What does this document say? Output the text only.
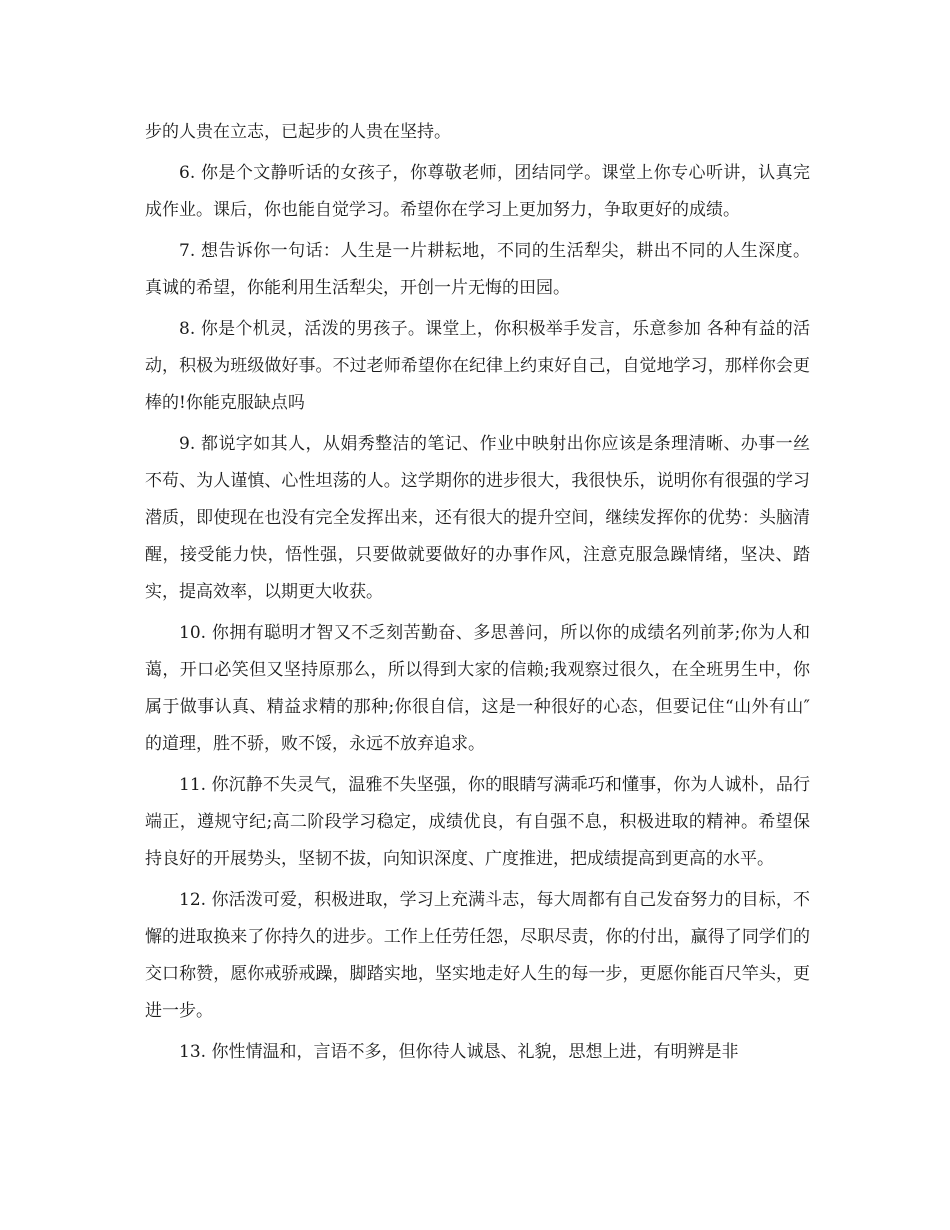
步的人贵在立志，已起步的人贵在坚持。

6. 你是个文静听话的女孩子，你尊敬老师，团结同学。课堂上你专心听讲，认真完成作业。课后，你也能自觉学习。希望你在学习上更加努力，争取更好的成绩。

7. 想告诉你一句话：人生是一片耕耘地，不同的生活犁尖，耕出不同的人生深度。真诚的希望，你能利用生活犁尖，开创一片无悔的田园。

8. 你是个机灵，活泼的男孩子。课堂上，你积极举手发言，乐意参加 各种有益的活动，积极为班级做好事。不过老师希望你在纪律上约束好自己，自觉地学习，那样你会更棒的!你能克服缺点吗

9. 都说字如其人，从娟秀整洁的笔记、作业中映射出你应该是条理清晰、办事一丝不苟、为人谨慎、心性坦荡的人。这学期你的进步很大，我很快乐，说明你有很强的学习潜质，即使现在也没有完全发挥出来，还有很大的提升空间，继续发挥你的优势：头脑清醒，接受能力快，悟性强，只要做就要做好的办事作风，注意克服急躁情绪，坚决、踏实，提高效率，以期更大收获。

10. 你拥有聪明才智又不乏刻苦勤奋、多思善问，所以你的成绩名列前茅;你为人和蔼，开口必笑但又坚持原那么，所以得到大家的信赖;我观察过很久，在全班男生中，你属于做事认真、精益求精的那种;你很自信，这是一种很好的心态，但要记住“山外有山″ 的道理，胜不骄，败不馁，永远不放弃追求。

11. 你沉静不失灵气，温雅不失坚强，你的眼睛写满乖巧和懂事，你为人诚朴，品行端正，遵规守纪;高二阶段学习稳定，成绩优良，有自强不息，积极进取的精神。希望保持良好的开展势头，坚韧不拔，向知识深度、广度推进，把成绩提高到更高的水平。

12. 你活泼可爱，积极进取，学习上充满斗志，每大周都有自己发奋努力的目标，不懈的进取换来了你持久的进步。工作上任劳任怨，尽职尽责，你的付出，赢得了同学们的交口称赞，愿你戒骄戒躁，脚踏实地，坚实地走好人生的每一步，更愿你能百尺竿头，更进一步。

13. 你性情温和，言语不多，但你待人诚恳、礼貌，思想上进，有明辨是非
